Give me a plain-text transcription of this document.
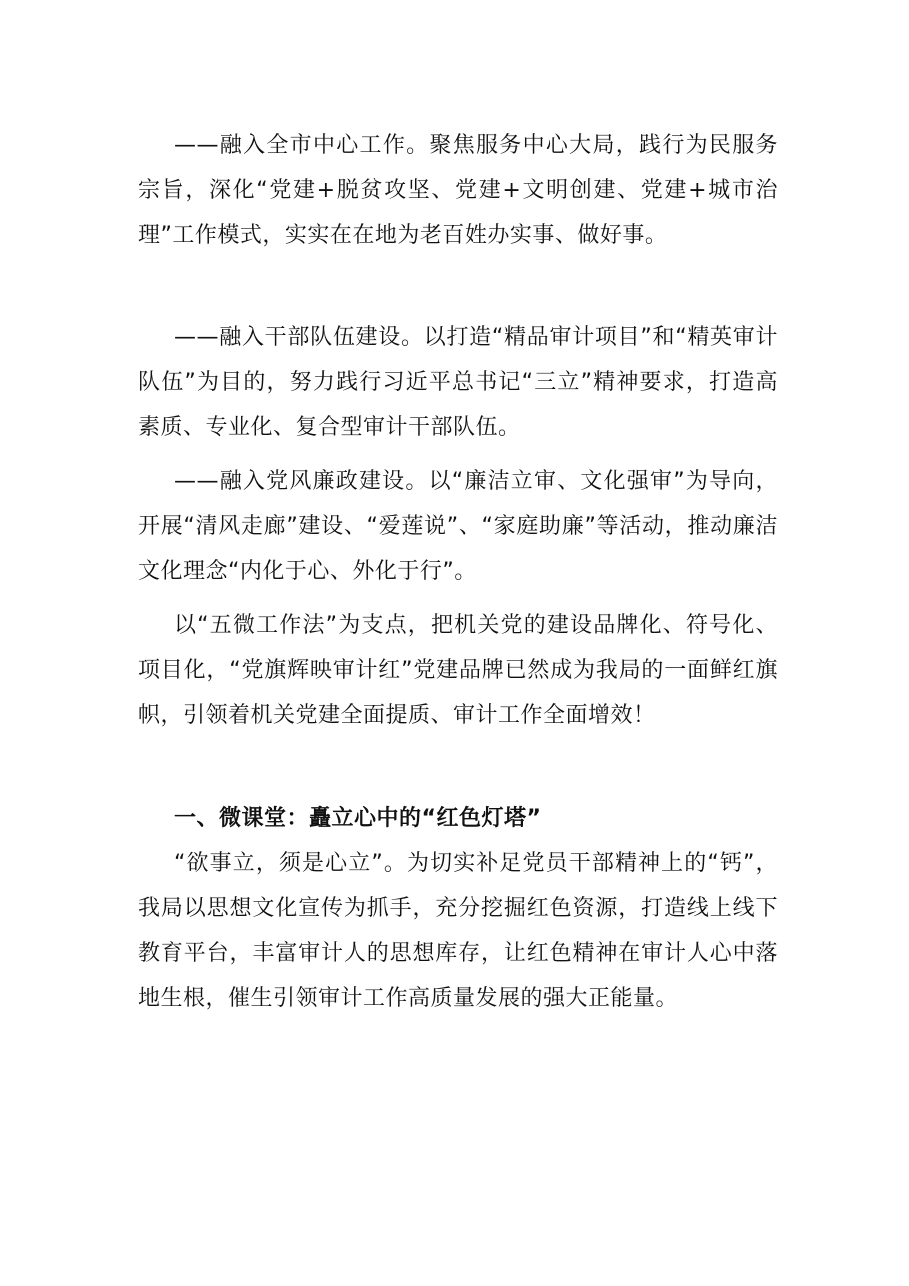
——融入全市中心工作。聚焦服务中心大局，践行为民服务宗旨，深化“党建+脱贫攻坚、党建+文明创建、党建+城市治理”工作模式，实实在在地为老百姓办实事、做好事。

——融入干部队伍建设。以打造“精品审计项目”和“精英审计队伍”为目的，努力践行习近平总书记“三立”精神要求，打造高素质、专业化、复合型审计干部队伍。

——融入党风廉政建设。以“廉洁立审、文化强审”为导向，开展“清风走廊”建设、“爱莲说”、“家庭助廉”等活动，推动廉洁文化理念“内化于心、外化于行”。

以“五微工作法”为支点，把机关党的建设品牌化、符号化、项目化，“党旗辉映审计红”党建品牌已然成为我局的一面鲜红旗帜，引领着机关党建全面提质、审计工作全面增效！

一、微课堂：矗立心中的“红色灯塔”

“欲事立，须是心立”。为切实补足党员干部精神上的“钙”，我局以思想文化宣传为抓手，充分挖掘红色资源，打造线上线下教育平台，丰富审计人的思想库存，让红色精神在审计人心中落地生根，催生引领审计工作高质量发展的强大正能量。
